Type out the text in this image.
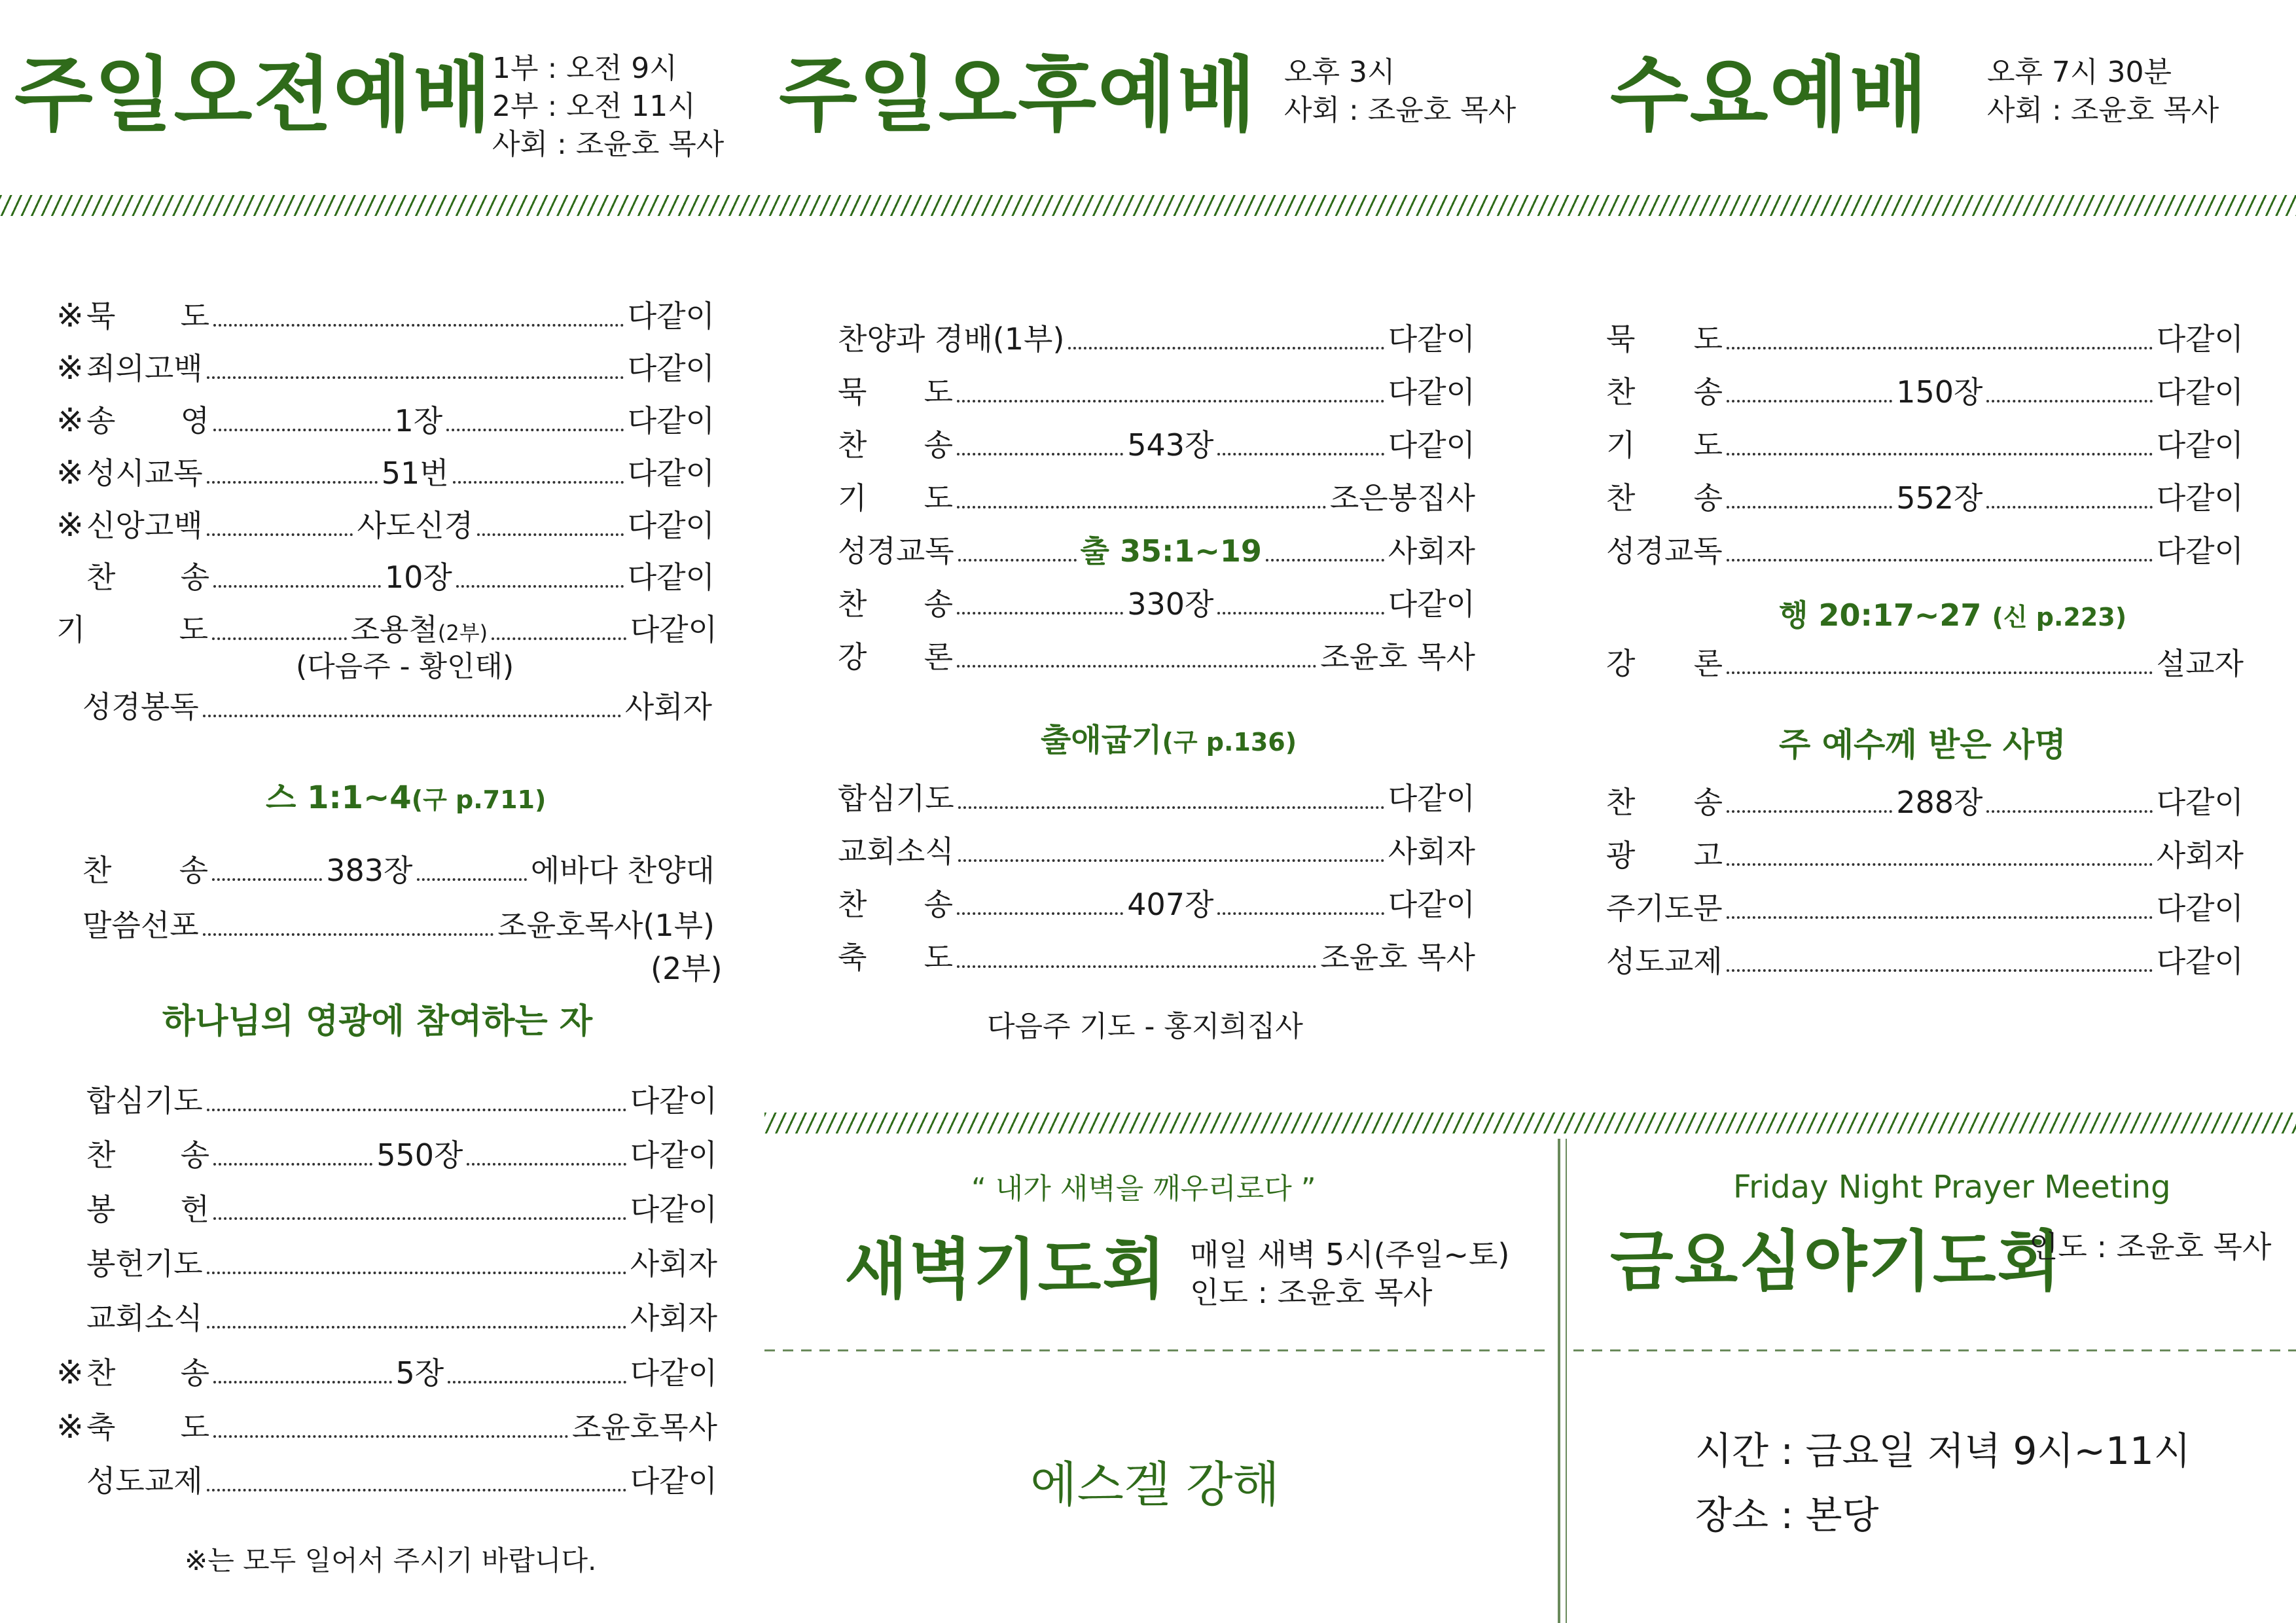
주일오전예배 1부 : 오전 9시
2부 : 오전 11시
사회 : 조윤호 목사
주일오후예배 오후 3시
사회 : 조윤호 목사 수요예배 오후 7시 30분
사회 : 조윤호 목사
※ 묵 도	다같이
※ 죄의고백	다같이
※ 송 영	1장	다같이
※ 성시교독	51번	다같이
※ 신앙고백	사도신경	다같이
찬 송	10장	다같이
기	도	조용철(2부)	다같이
(다음주 - 황인태)
성경봉독	사회자
스 1:1~4(구 p.711)
찬 송	383장	에바다 찬양대
말씀선포	조윤호목사(1부)
(2부)
하나님의 영광에 참여하는 자
합심기도	다같이
찬 송	550장	다같이
봉 헌	다같이
봉헌기도	사회자
교회소식	사회자
※ 찬 송	5장	다같이
※ 축 도	조윤호목사
성도교제	다같이
※는 모두 일어서 주시기 바랍니다.
찬양과 경배(1부)	다같이
묵 도	다같이
찬 송	543장	다같이
기 도	조은봉집사
성경교독	출 35:1~19	사회자
찬 송	330장	다같이
강 론	조윤호 목사
출애굽기(구 p.136)
합심기도	다같이
교회소식	사회자
찬 송	407장	다같이
축 도	조윤호 목사
다음주 기도 - 홍지희집사
묵 도	다같이
찬 송	150장	다같이
기 도	다같이
찬 송	552장	다같이
성경교독	다같이
행 20:17~27 (신 p.223)
강 론	설교자
주 예수께 받은 사명
찬 송	288장	다같이
광 고	사회자
주기도문	다같이
성도교제	다같이
“ 내가 새벽을 깨우리로다 ”
새벽기도회 매일 새벽 5시(주일~토)
인도 : 조윤호 목사
에스겔 강해
Friday Night Prayer Meeting
금요심야기도회
인도 : 조윤호 목사
시간 : 금요일 저녁 9시~11시
장소 : 본당
